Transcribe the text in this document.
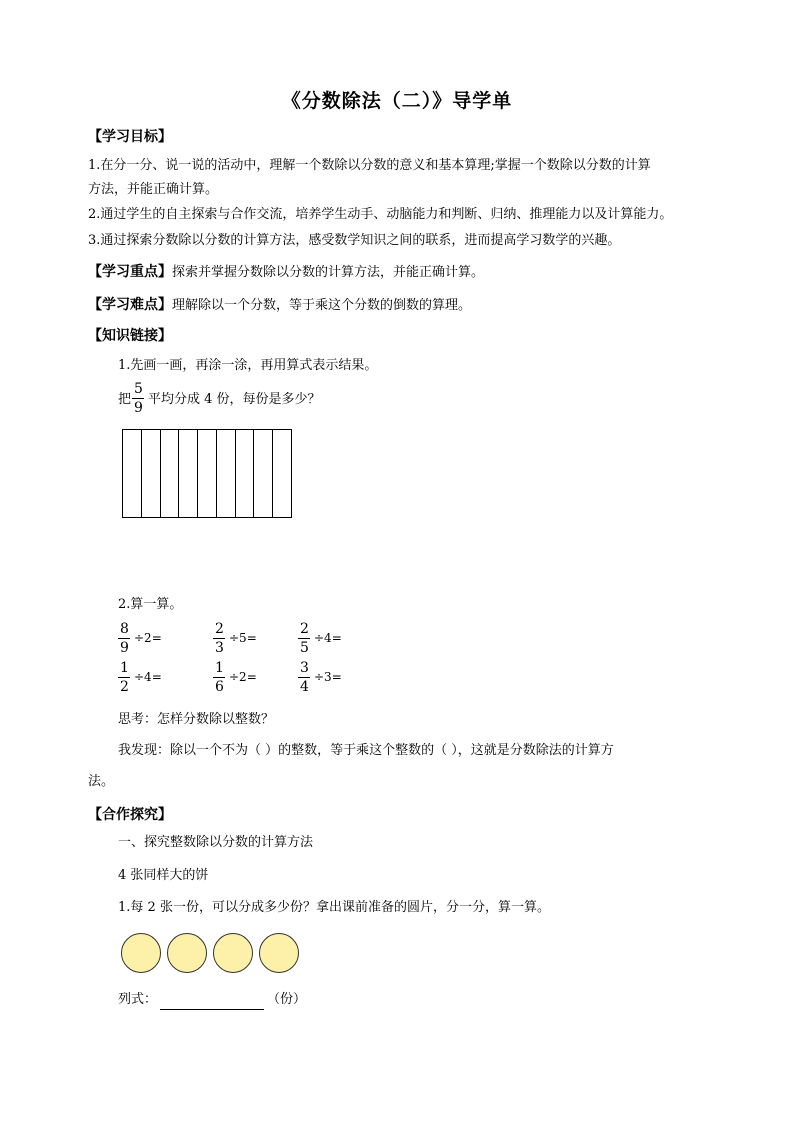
《分数除法（二）》导学单
【学习目标】
1.在分一分、说一说的活动中，理解一个数除以分数的意义和基本算理;掌握一个数除以分数的计算
方法，并能正确计算。
2.通过学生的自主探索与合作交流，培养学生动手、动脑能力和判断、归纳、推理能力以及计算能力。
3.通过探索分数除以分数的计算方法，感受数学知识之间的联系，进而提高学习数学的兴趣。
【学习重点】探索并掌握分数除以分数的计算方法，并能正确计算。
【学习难点】理解除以一个分数，等于乘这个分数的倒数的算理。
【知识链接】
1.先画一画，再涂一涂，再用算式表示结果。
把
5
9
平均分成 4 份，每份是多少？
2.算一算。
8
9
÷2=
2
3
÷5=
2
5
÷4=
1
2
÷4=
1
6
÷2=
3
4
÷3=
思考：怎样分数除以整数？
我发现：除以一个不为（ ）的整数，等于乘这个整数的（ ），这就是分数除法的计算方
法。
【合作探究】
一、探究整数除以分数的计算方法
4 张同样大的饼
1.每 2 张一份，可以分成多少份？拿出课前准备的圆片，分一分，算一算。
列式：	（份）
